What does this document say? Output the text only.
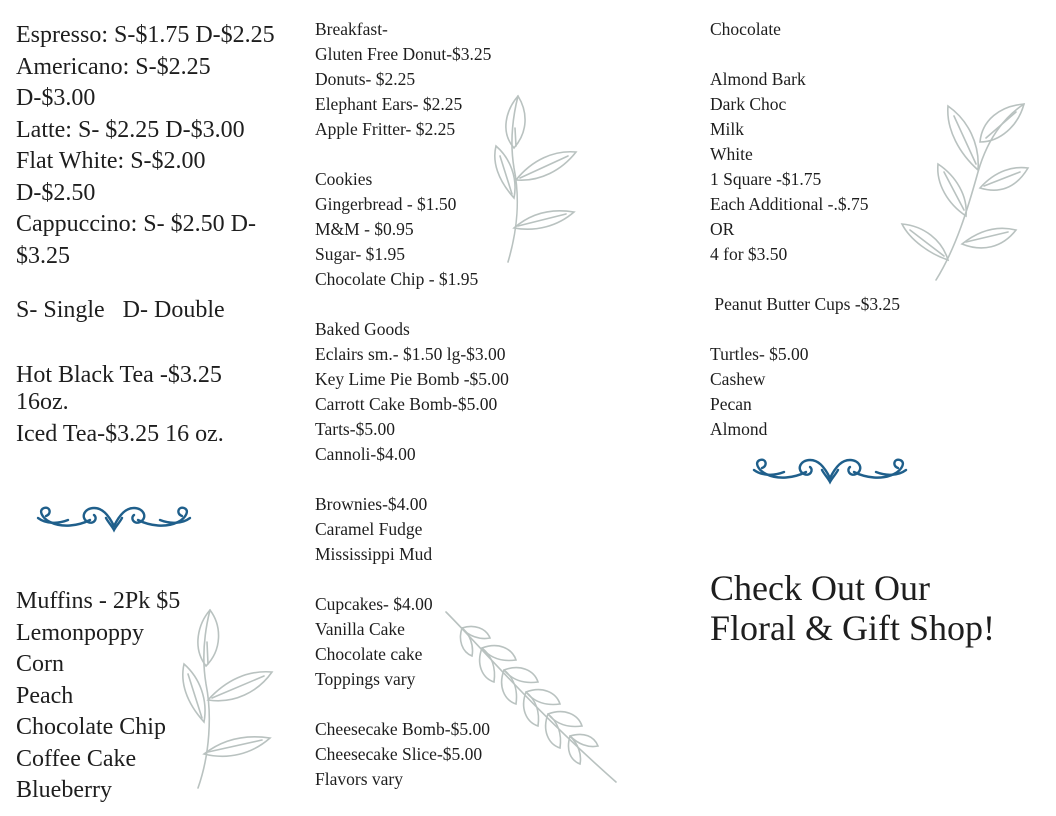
Espresso: S-$1.75 D-$2.25
Americano: S-$2.25
D-$3.00
Latte: S- $2.25 D-$3.00
Flat White: S-$2.00
D-$2.50
Cappuccino: S- $2.50 D-
$3.25
S- Single   D- Double
Hot Black Tea -$3.25
16oz.
Iced Tea-$3.25 16 oz.
Muffins - 2Pk $5
Lemonpoppy
Corn
Peach
Chocolate Chip
Coffee Cake
Blueberry
Breakfast-
Gluten Free Donut-$3.25
Donuts- $2.25
Elephant Ears- $2.25
Apple Fritter- $2.25
Cookies
Gingerbread - $1.50
M&M - $0.95
Sugar- $1.95
Chocolate Chip - $1.95
Baked Goods
Eclairs sm.- $1.50 lg-$3.00
Key Lime Pie Bomb -$5.00
Carrott Cake Bomb-$5.00
Tarts-$5.00
Cannoli-$4.00
Brownies-$4.00
Caramel Fudge
Mississippi Mud
Cupcakes- $4.00
Vanilla Cake
Chocolate cake
Toppings vary
Cheesecake Bomb-$5.00
Cheesecake Slice-$5.00
Flavors vary
Chocolate
Almond Bark
Dark Choc
Milk
White
1 Square -$1.75
Each Additional -.$.75
OR
4 for $3.50
Peanut Butter Cups -$3.25
Turtles- $5.00
Cashew
Pecan
Almond
Check Out Our Floral & Gift Shop!
